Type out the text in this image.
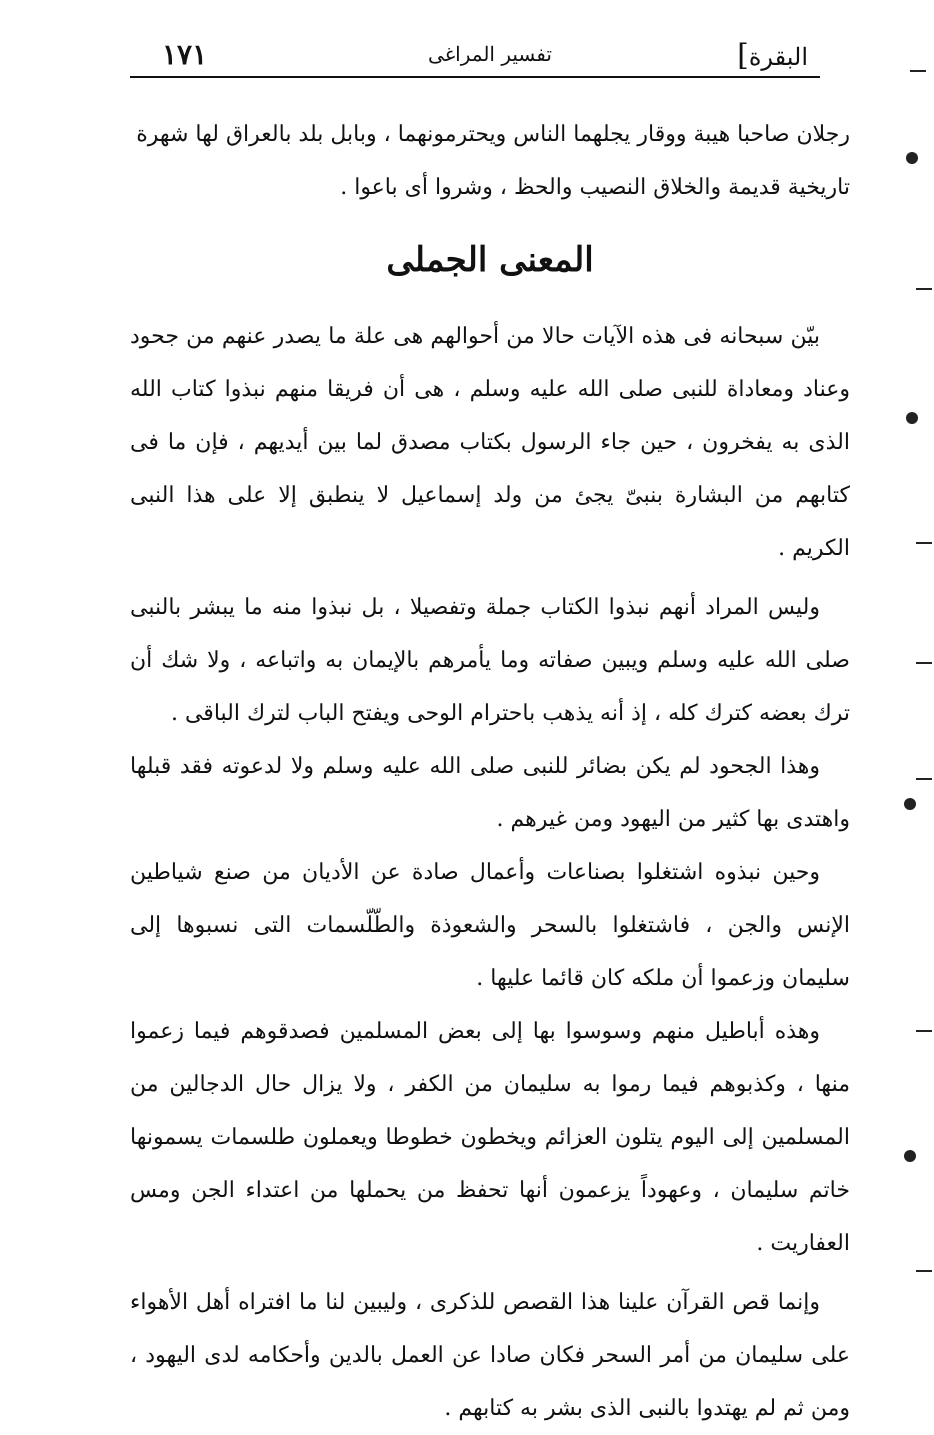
١٧١	تفسير المراغى	البقرة]

رجلان صاحبا هيبة ووقار يجلهما الناس ويحترمونهما ، وبابل بلد بالعراق لها شهرة

تاريخية قديمة والخلاق النصيب والحظ ، وشروا أى باعوا .

المعنى الجملى

بيّن سبحانه فى هذه الآيات حالا من أحوالهم هى علة ما يصدر عنهم من جحود وعناد ومعاداة للنبى صلى الله عليه وسلم ، هى أن فريقا منهم نبذوا كتاب الله الذى به يفخرون ، حين جاء الرسول بكتاب مصدق لما بين أيديهم ، فإن ما فى كتابهم من البشارة بنبىّ يجئ من ولد إسماعيل لا ينطبق إلا على هذا النبى الكريم .

وليس المراد أنهم نبذوا الكتاب جملة وتفصيلا ، بل نبذوا منه ما يبشر بالنبى صلى الله عليه وسلم ويبين صفاته وما يأمرهم بالإيمان به واتباعه ، ولا شك أن ترك بعضه كترك كله ، إذ أنه يذهب باحترام الوحى ويفتح الباب لترك الباقى .

وهذا الجحود لم يكن بضائر للنبى صلى الله عليه وسلم ولا لدعوته فقد قبلها واهتدى بها كثير من اليهود ومن غيرهم .

وحين نبذوه اشتغلوا بصناعات وأعمال صادة عن الأديان من صنع شياطين الإنس والجن ، فاشتغلوا بالسحر والشعوذة والطّلّسمات التى نسبوها إلى سليمان وزعموا أن ملكه كان قائما عليها .

وهذه أباطيل منهم وسوسوا بها إلى بعض المسلمين فصدقوهم فيما زعموا منها ، وكذبوهم فيما رموا به سليمان من الكفر ، ولا يزال حال الدجالين من المسلمين إلى اليوم يتلون العزائم ويخطون خطوطا ويعملون طلسمات يسمونها خاتم سليمان ، وعهوداً يزعمون أنها تحفظ من يحملها من اعتداء الجن ومس العفاريت .

وإنما قص القرآن علينا هذا القصص للذكرى ، وليبين لنا ما افتراه أهل الأهواء على سليمان من أمر السحر فكان صادا عن العمل بالدين وأحكامه لدى اليهود ، ومن ثم لم يهتدوا بالنبى الذى بشر به كتابهم .
